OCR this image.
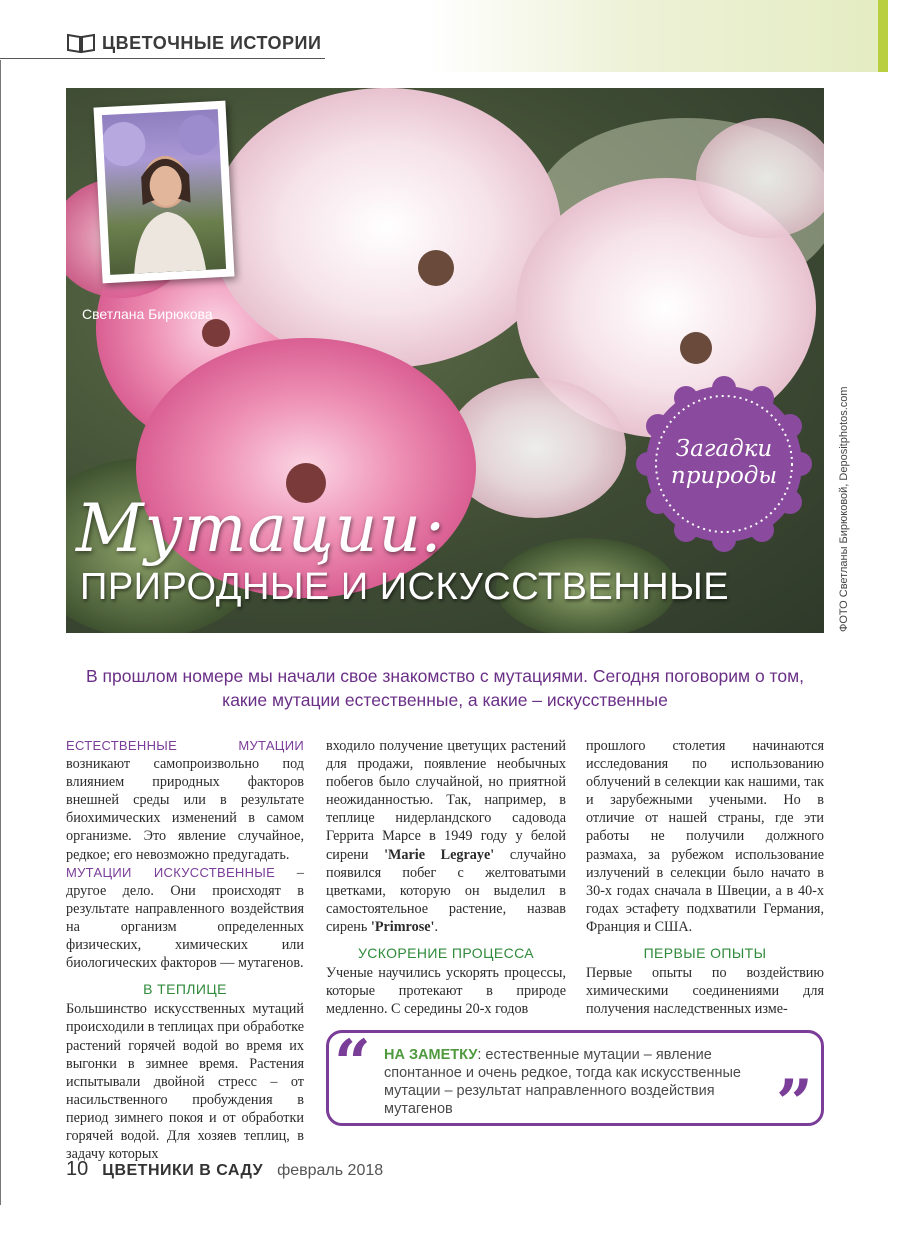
ЦВЕТОЧНЫЕ ИСТОРИИ
Светлана Бирюкова
Загадки
природы
Мутации:
ПРИРОДНЫЕ И ИСКУССТВЕННЫЕ	ФОТО Светланы Бирюковой, Depositphotos.com
В прошлом номере мы начали свое знакомство с мутациями. Сегодня поговорим о том, какие мутации естественные, а какие – искусственные

ЕСТЕСТВЕННЫЕ МУТАЦИИ возникают самопроизвольно под влиянием природных факторов внешней среды или в результате биохимических изменений в самом организме. Это явление случайное, редкое; его невозможно предугадать.

МУТАЦИИ ИСКУССТВЕННЫЕ – другое дело. Они происходят в результате направленного воздействия на организм определенных физических, химических или биологических факторов — мутагенов.

В ТЕПЛИЦЕ

Большинство искусственных мутаций происходили в теплицах при обработке растений горячей водой во время их выгонки в зимнее время. Растения испытывали двойной стресс – от насильственного пробуждения в период зимнего покоя и от обработки горячей водой. Для хозяев теплиц, в задачу которых

входило получение цветущих растений для продажи, появление необычных побегов было случайной, но приятной неожиданностью. Так, например, в теплице нидерландского садовода Геррита Марсе в 1949 году у белой сирени 'Marie Legraye' случайно появился побег с желтоватыми цветками, которую он выделил в самостоятельное растение, назвав сирень 'Primrose'.

УСКОРЕНИЕ ПРОЦЕССА

Ученые научились ускорять процессы, которые протекают в природе медленно. С середины 20-х годов

прошлого столетия начинаются исследования по использованию облучений в селекции как нашими, так и зарубежными учеными. Но в отличие от нашей страны, где эти работы не получили должного размаха, за рубежом использование излучений в селекции было начато в 30-х годах сначала в Швеции, а в 40-х годах эстафету подхватили Германия, Франция и США.

ПЕРВЫЕ ОПЫТЫ

Первые опыты по воздействию химическими соединениями для получения наследственных изме-

“
”
НА ЗАМЕТКУ: естественные мутации – явление спонтанное и очень редкое, тогда как искусственные мутации – результат направленного воздействия мутагенов
10 ЦВЕТНИКИ В САДУ февраль 2018
